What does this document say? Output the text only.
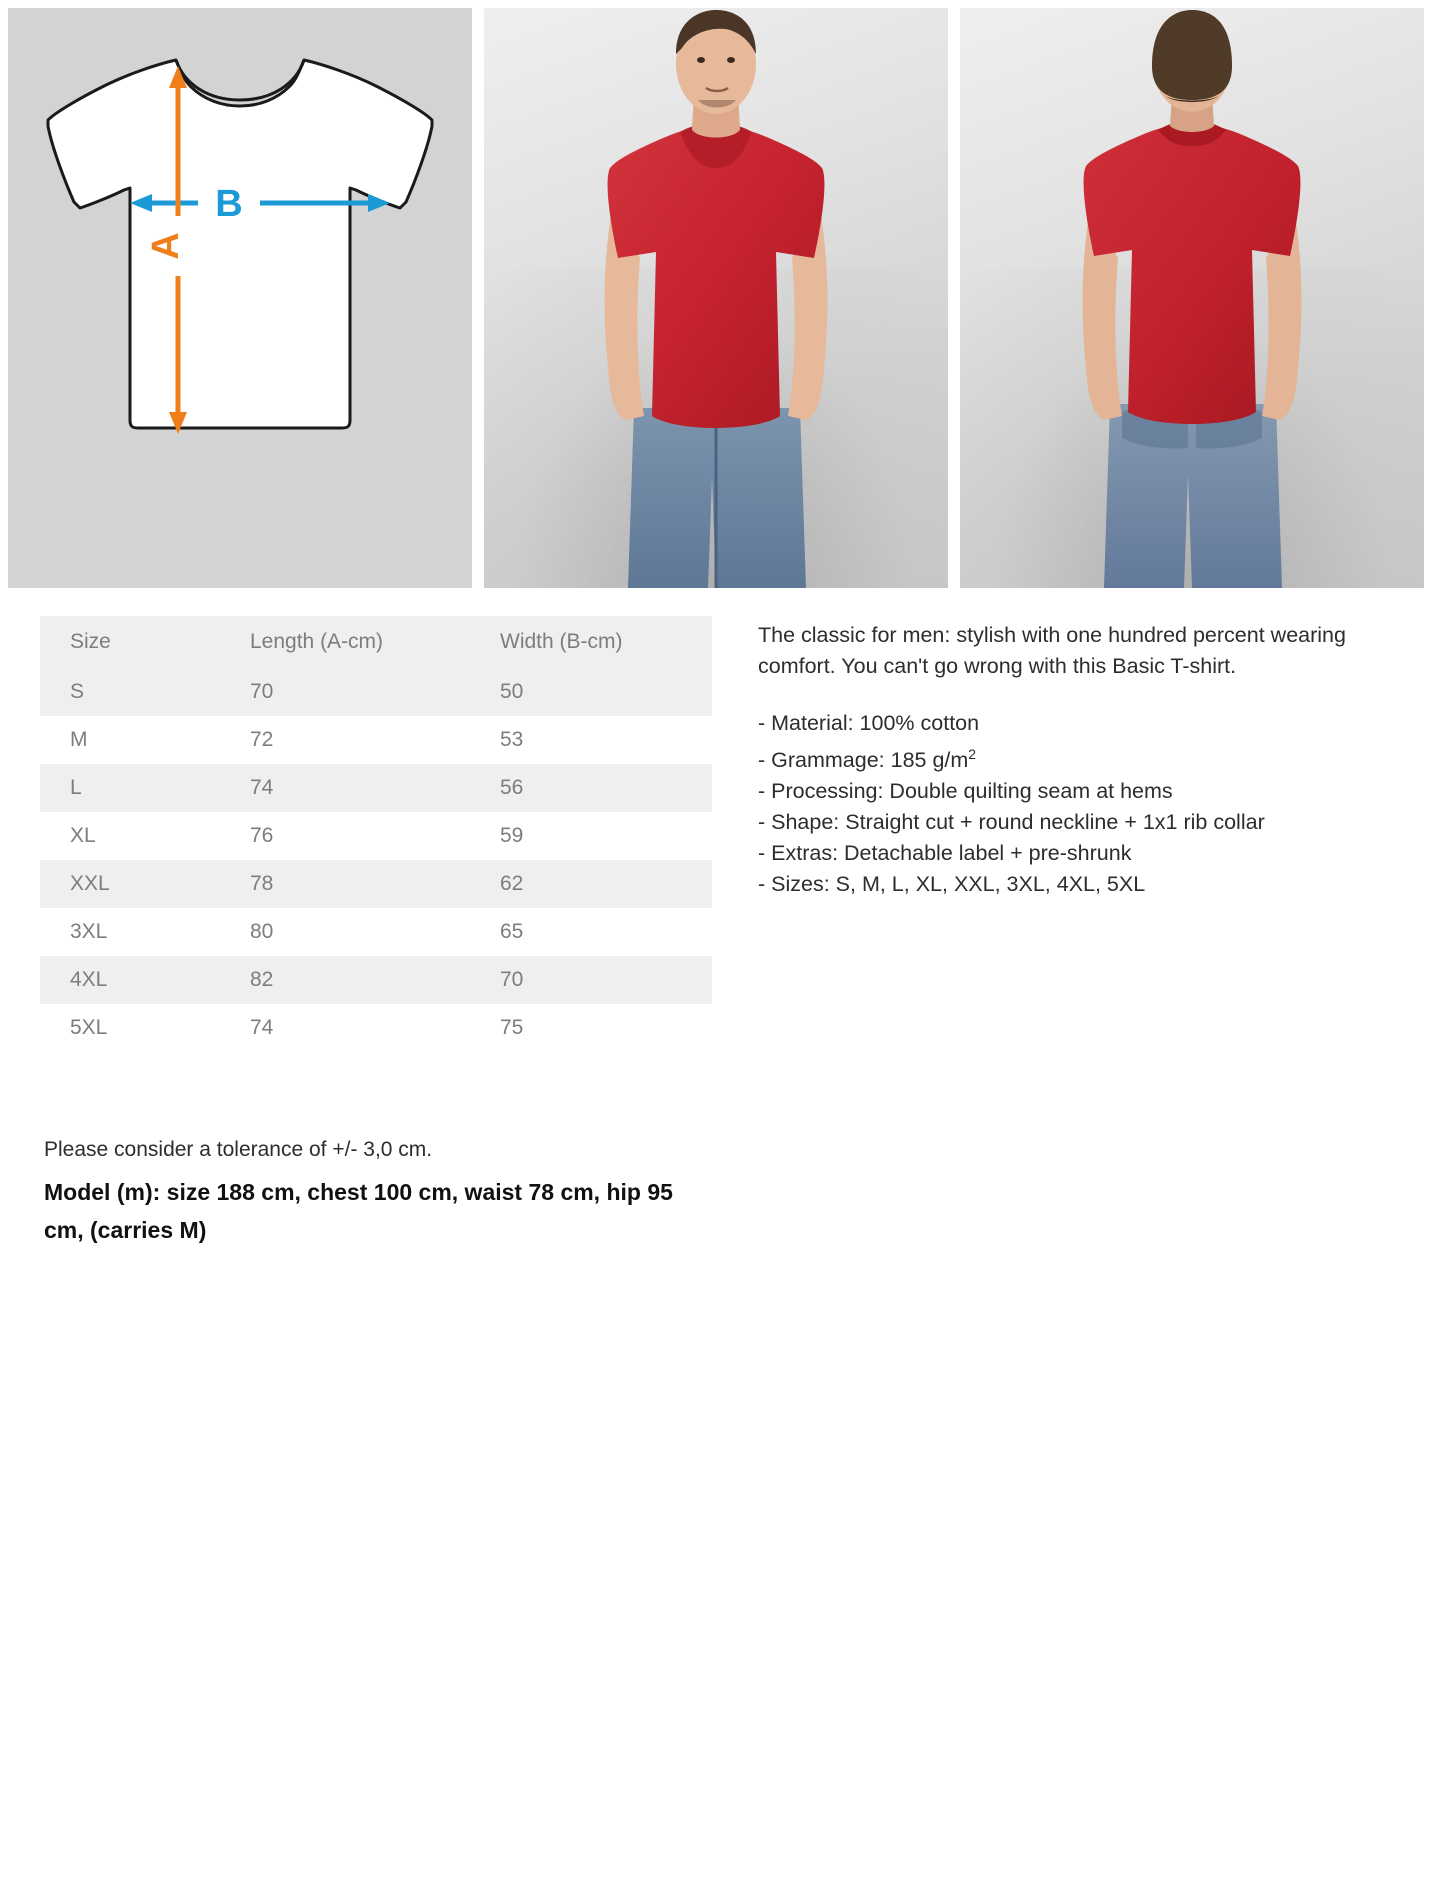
B
A
Size	Length (A-cm)	Width (B-cm)
S	70	50
M	72	53
L	74	56
XL	76	59
XXL	78	62
3XL	80	65
4XL	82	70
5XL	74	75

The classic for men: stylish with one hundred percent wearing comfort. You can't go wrong with this Basic T-shirt.

- Material: 100% cotton
- Grammage: 185 $g/m^2$
- Processing: Double quilting seam at hems
- Shape: Straight cut + round neckline + 1x1 rib collar
- Extras: Detachable label + pre-shrunk
- Sizes: S, M, L, XL, XXL, 3XL, 4XL, 5XL

Please consider a tolerance of +/- 3,0 cm.

Model (m): size 188 cm, chest 100 cm, waist 78 cm, hip 95 cm, (carries M)
